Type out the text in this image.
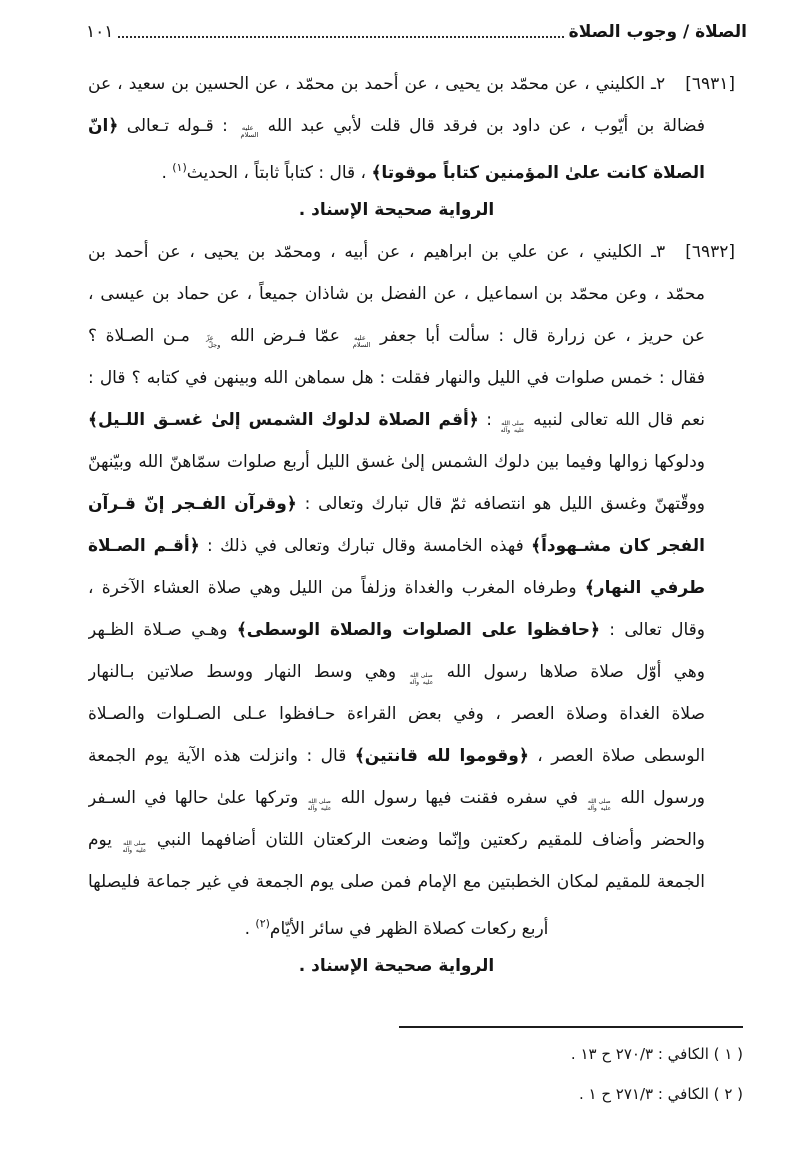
الصلاة / وجوب الصلاة
١٠١
[٦٩٣١]٢ـ الكليني ، عن محمّد بن يحيى ، عن أحمد بن محمّد ، عن الحسين بن سعيد ، عن
فضالة بن أيّوب ، عن داود بن فرقد قال قلت لأبي عبد الله عليه السلام : قـوله تـعالى ﴿انّ
الصلاة كانت علىٰ المؤمنين كتاباً موقوتا﴾ ، قال : كتاباً ثابتاً ، الحديث$^{(١)}$ .
الرواية صحيحة الإسناد .
[٦٩٣٢]٣ـ الكليني ، عن علي بن ابراهيم ، عن أبيه ، ومحمّد بن يحيى ، عن أحمد بن
محمّد ، وعن محمّد بن اسماعيل ، عن الفضل بن شاذان جميعاً ، عن حماد بن عيسى ،
عن حريز ، عن زرارة قال : سألت أبا جعفر عليه السلام عمّا فـرض الله عزّ وجلّ مـن الصـلاة ؟
فقال : خمس صلوات في الليل والنهار فقلت : هل سماهن الله وبينهن في كتابه ؟ قال :
نعم قال الله تعالى لنبيه صلى الله عليه وآله : ﴿أقم الصلاة لدلوك الشمس إلىٰ غسـق اللـيل﴾
ودلوكها زوالها وفيما بين دلوك الشمس إلىٰ غسق الليل أربع صلوات سمّاهنّ الله وبيّنهنّ
ووقّتهنّ وغسق الليل هو انتصافه ثمّ قال تبارك وتعالى : ﴿وقرآن الفـجر إنّ قـرآن
الفجر كان مشـهوداً﴾ فهذه الخامسة وقال تبارك وتعالى في ذلك : ﴿أقـم الصـلاة
طرفي النهار﴾ وطرفاه المغرب والغداة وزلفاً من الليل وهي صلاة العشاء الآخرة ،
وقال تعالى : ﴿حافظوا على الصلوات والصلاة الوسطى﴾ وهـي صـلاة الظـهر
وهي أوّل صلاة صلاها رسول الله صلى الله عليه وآله وهي وسط النهار ووسط صلاتين بـالنهار
صلاة الغداة وصلاة العصر ، وفي بعض القراءة حـافظوا عـلى الصـلوات والصـلاة
الوسطى صلاة العصر ، ﴿وقوموا لله قانتين﴾ قال : وانزلت هذه الآية يوم الجمعة
ورسول الله صلى الله عليه وآله في سفره فقنت فيها رسول الله صلى الله عليه وآله وتركها علىٰ حالها في السـفر
والحضر وأضاف للمقيم ركعتين وإنّما وضعت الركعتان اللتان أضافهما النبي صلى الله عليه وآله يوم
الجمعة للمقيم لمكان الخطبتين مع الإمام فمن صلى يوم الجمعة في غير جماعة فليصلها
أربع ركعات كصلاة الظهر في سائر الأيّام$^{(٢)}$ .
الرواية صحيحة الإسناد .
( ١ ) الكافي : ٢٧٠/٣ ح ١٣ .
( ٢ ) الكافي : ٢٧١/٣ ح ١ .
